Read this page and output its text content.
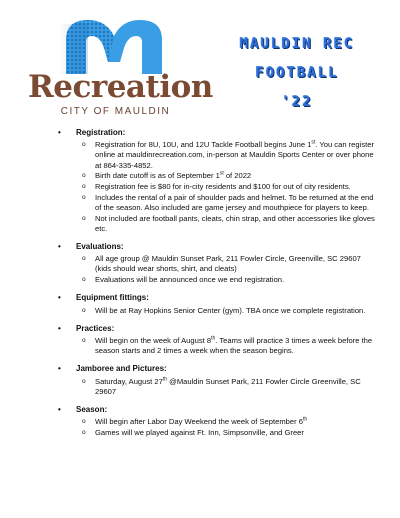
Recreation
CITY OF MAULDIN
MAULDIN REC
FOOTBALL
'22
• Registration:
o Registration for 8U, 10U, and 12U Tackle Football begins June 1st. You can register online at mauldinrecreation.com, in-person at Mauldin Sports Center or over phone at 864-335-4852.
o Birth date cutoff is as of September 1st of 2022
o Registration fee is $80 for in-city residents and $100 for out of city residents.
o Includes the rental of a pair of shoulder pads and helmet. To be returned at the end of the season. Also included are game jersey and mouthpiece for players to keep.
o Not included are football pants, cleats, chin strap, and other accessories like gloves etc.
• Evaluations:
o All age group @ Mauldin Sunset Park, 211 Fowler Circle, Greenville, SC 29607 (kids should wear shorts, shirt, and cleats)
o Evaluations will be announced once we end registration.
• Equipment fittings:
o Will be at Ray Hopkins Senior Center (gym). TBA once we complete registration.
• Practices:
o Will begin on the week of August 8th. Teams will practice 3 times a week before the season starts and 2 times a week when the season begins.
• Jamboree and Pictures:
o Saturday, August 27th @Mauldin Sunset Park, 211 Fowler Circle Greenville, SC 29607
• Season:
o Will begin after Labor Day Weekend the week of September 6th
o Games will we played against Ft. Inn, Simpsonville, and Greer
